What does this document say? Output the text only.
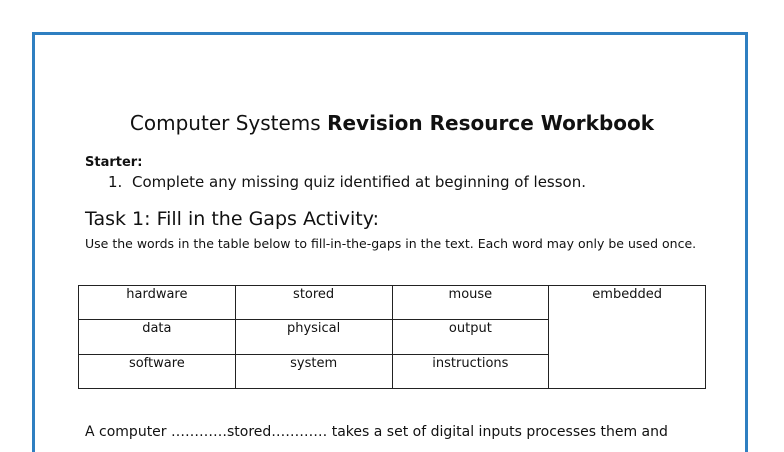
Computer Systems Revision Resource Workbook
Starter:
1. Complete any missing quiz identified at beginning of lesson.
Task 1: Fill in the Gaps Activity:
Use the words in the table below to fill-in-the-gaps in the text. Each word may only be used once.
hardware	stored	mouse	embedded
data	physical	output	
software	system	instructions	
A computer …………stored………… takes a set of digital inputs processes them and
